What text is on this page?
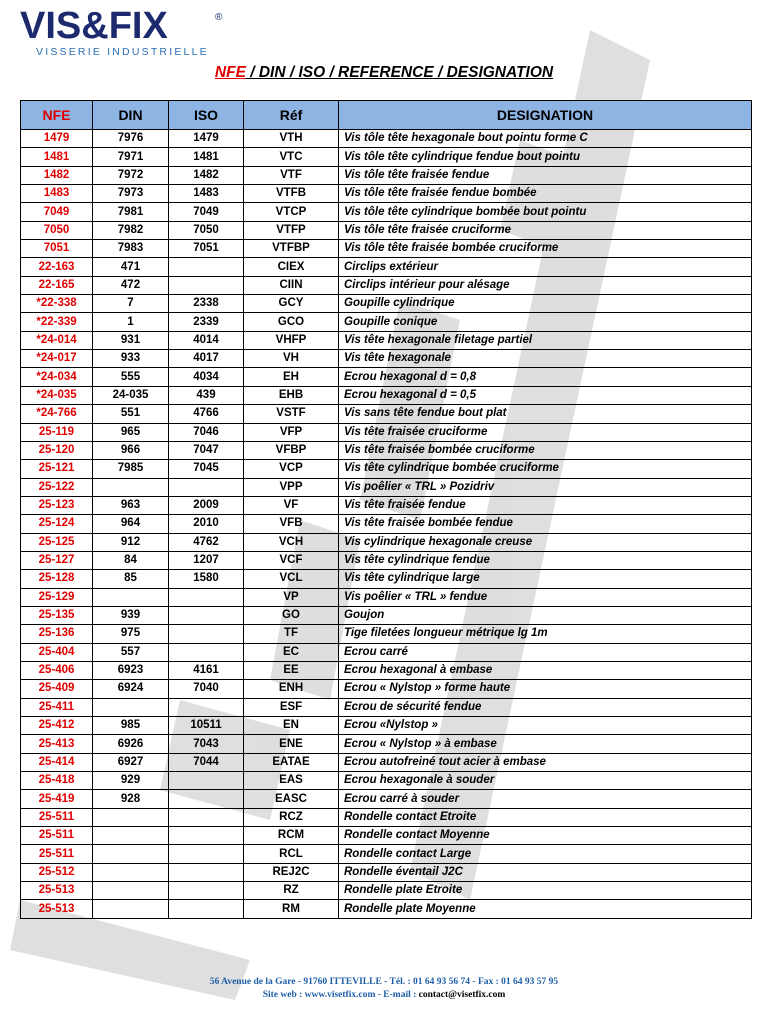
VIS&FIX	®
VISSERIE INDUSTRIELLE
NFE / DIN / ISO / REFERENCE / DESIGNATION
NFE	DIN	ISO	Réf	DESIGNATION
1479	7976	1479	VTH	Vis tôle tête hexagonale bout pointu forme C
1481	7971	1481	VTC	Vis tôle tête cylindrique fendue bout pointu
1482	7972	1482	VTF	Vis tôle tête fraisée fendue
1483	7973	1483	VTFB	Vis tôle tête fraisée fendue bombée
7049	7981	7049	VTCP	Vis tôle tête cylindrique bombée bout pointu
7050	7982	7050	VTFP	Vis tôle tête fraisée cruciforme
7051	7983	7051	VTFBP	Vis tôle tête fraisée bombée cruciforme
22-163	471		CIEX	Circlips extérieur
22-165	472		CIIN	Circlips intérieur pour alésage
*22-338	7	2338	GCY	Goupille cylindrique
*22-339	1	2339	GCO	Goupille conique
*24-014	931	4014	VHFP	Vis tête hexagonale filetage partiel
*24-017	933	4017	VH	Vis tête hexagonale
*24-034	555	4034	EH	Ecrou hexagonal d = 0,8
*24-035	24-035	439	EHB	Ecrou hexagonal d = 0,5
*24-766	551	4766	VSTF	Vis sans tête fendue bout plat
25-119	965	7046	VFP	Vis tête fraisée cruciforme
25-120	966	7047	VFBP	Vis tête fraisée bombée cruciforme
25-121	7985	7045	VCP	Vis tête cylindrique bombée cruciforme
25-122			VPP	Vis poêlier « TRL » Pozidriv
25-123	963	2009	VF	Vis tête fraisée fendue
25-124	964	2010	VFB	Vis tête fraisée bombée fendue
25-125	912	4762	VCH	Vis cylindrique hexagonale creuse
25-127	84	1207	VCF	Vis tête cylindrique fendue
25-128	85	1580	VCL	Vis tête cylindrique large
25-129			VP	Vis poêlier « TRL » fendue
25-135	939		GO	Goujon
25-136	975		TF	Tige filetées longueur métrique lg 1m
25-404	557		EC	Ecrou carré
25-406	6923	4161	EE	Ecrou hexagonal à embase
25-409	6924	7040	ENH	Ecrou « Nylstop » forme haute
25-411			ESF	Ecrou de sécurité fendue
25-412	985	10511	EN	Ecrou «Nylstop »
25-413	6926	7043	ENE	Ecrou « Nylstop » à embase
25-414	6927	7044	EATAE	Ecrou autofreiné tout acier à embase
25-418	929		EAS	Ecrou hexagonale à souder
25-419	928		EASC	Ecrou carré à souder
25-511			RCZ	Rondelle contact Etroite
25-511			RCM	Rondelle contact Moyenne
25-511			RCL	Rondelle contact Large
25-512			REJ2C	Rondelle éventail J2C
25-513			RZ	Rondelle plate Etroite
25-513			RM	Rondelle plate Moyenne
56 Avenue de la Gare - 91760 ITTEVILLE - Tél. : 01 64 93 56 74 - Fax : 01 64 93 57 95
Site web : www.visetfix.com - E-mail : contact@visetfix.com
